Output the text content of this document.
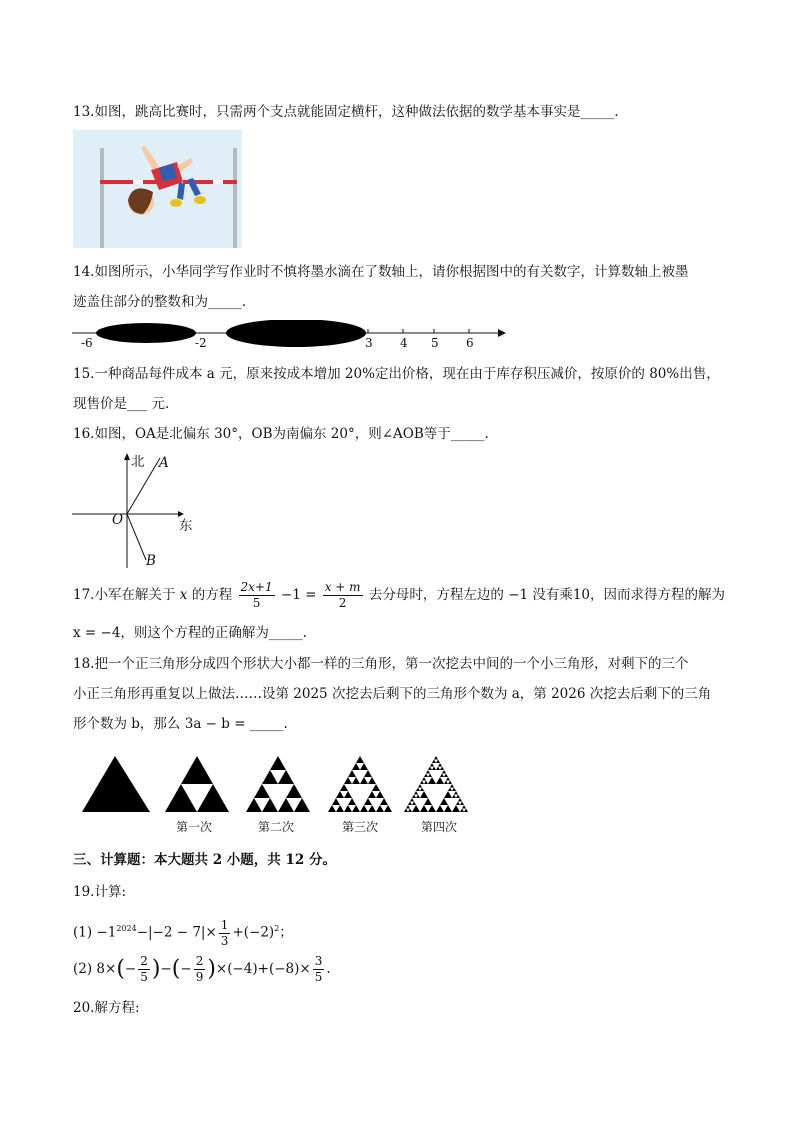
13.如图，跳高比赛时，只需两个支点就能固定横杆，这种做法依据的数学基本事实是_____.
14.如图所示，小华同学写作业时不慎将墨水滴在了数轴上，请你根据图中的有关数字，计算数轴上被墨
迹盖住部分的整数和为_____.
-6	-2	3 4 5 6
15.一种商品每件成本 a 元，原来按成本增加 20%定出价格，现在由于库存积压减价，按原价的 80%出售，
现售价是___ 元.
16.如图，OA是北偏东 30°，OB为南偏东 20°，则∠AOB等于_____.
北 A
O	东
B
17.小军在解关于 x 的方程 $\frac{2x+1}{5} -1 = \frac{x + m}{2}$ 去分母时，方程左边的 −1 没有乘10，因而求得方程的解为
x = −4，则这个方程的正确解为_____.
18.把一个正三角形分成四个形状大小都一样的三角形，第一次挖去中间的一个小三角形，对剩下的三个
小正三角形再重复以上做法……设第 2025 次挖去后剩下的三角形个数为 a，第 2026 次挖去后剩下的三角
形个数为 b，那么 3a − b = _____.
第一次	第二次	第三次	第四次
三、计算题：本大题共 2 小题，共 12 分。
19.计算:
$(1) -1^{2024}-|-2 - 7|\times \frac{1}{3} +(-2)^2$；
(2) $8\times(- \frac{2}{5}$ )−(− $\frac{2}{9} )\times(-4)+(-8)\times \frac{3}{5}$ .
20.解方程:
